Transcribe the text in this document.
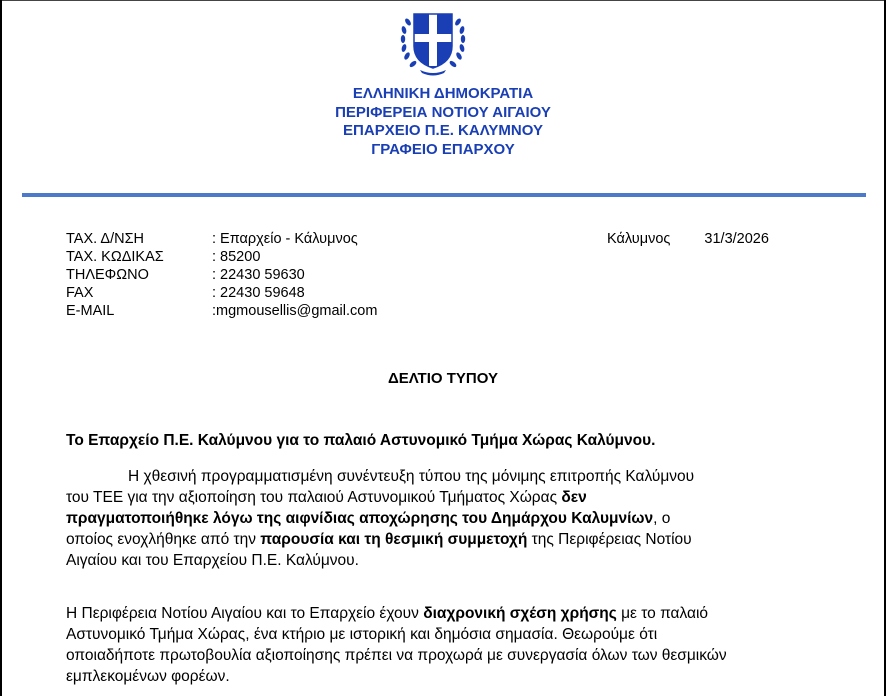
ΕΛΛΗΝΙΚΗ ΔΗΜΟΚΡΑΤΙΑ
ΠΕΡΙΦΕΡΕΙΑ ΝΟΤΙΟΥ ΑΙΓΑΙΟΥ
ΕΠΑΡΧΕΙΟ Π.Ε. ΚΑΛΥΜΝΟΥ
ΓΡΑΦΕΙΟ ΕΠΑΡΧΟΥ
ΤΑΧ. Δ/ΝΣΗ	: Επαρχείο - Κάλυμνος
ΤΑΧ. ΚΩΔΙΚΑΣ	: 85200
ΤΗΛΕΦΩΝΟ	: 22430 59630
FAX	: 22430 59648
E-MAIL	:mgmousellis@gmail.com
Κάλυμνος 31/3/2026
ΔΕΛΤΙΟ ΤΥΠΟΥ
Το Επαρχείο Π.Ε. Καλύμνου για το παλαιό Αστυνομικό Τμήμα Χώρας Καλύμνου.
Η χθεσινή προγραμματισμένη συνέντευξη τύπου της μόνιμης επιτροπής Καλύμνου
του ΤΕΕ για την αξιοποίηση του παλαιού Αστυνομικού Τμήματος Χώρας δεν
πραγματοποιήθηκε λόγω της αιφνίδιας αποχώρησης του Δημάρχου Καλυμνίων, ο
οποίος ενοχλήθηκε από την παρουσία και τη θεσμική συμμετοχή της Περιφέρειας Νοτίου
Αιγαίου και του Επαρχείου Π.Ε. Καλύμνου.
Η Περιφέρεια Νοτίου Αιγαίου και το Επαρχείο έχουν διαχρονική σχέση χρήσης με το παλαιό
Αστυνομικό Τμήμα Χώρας, ένα κτήριο με ιστορική και δημόσια σημασία. Θεωρούμε ότι
οποιαδήποτε πρωτοβουλία αξιοποίησης πρέπει να προχωρά με συνεργασία όλων των θεσμικών
εμπλεκομένων φορέων.
